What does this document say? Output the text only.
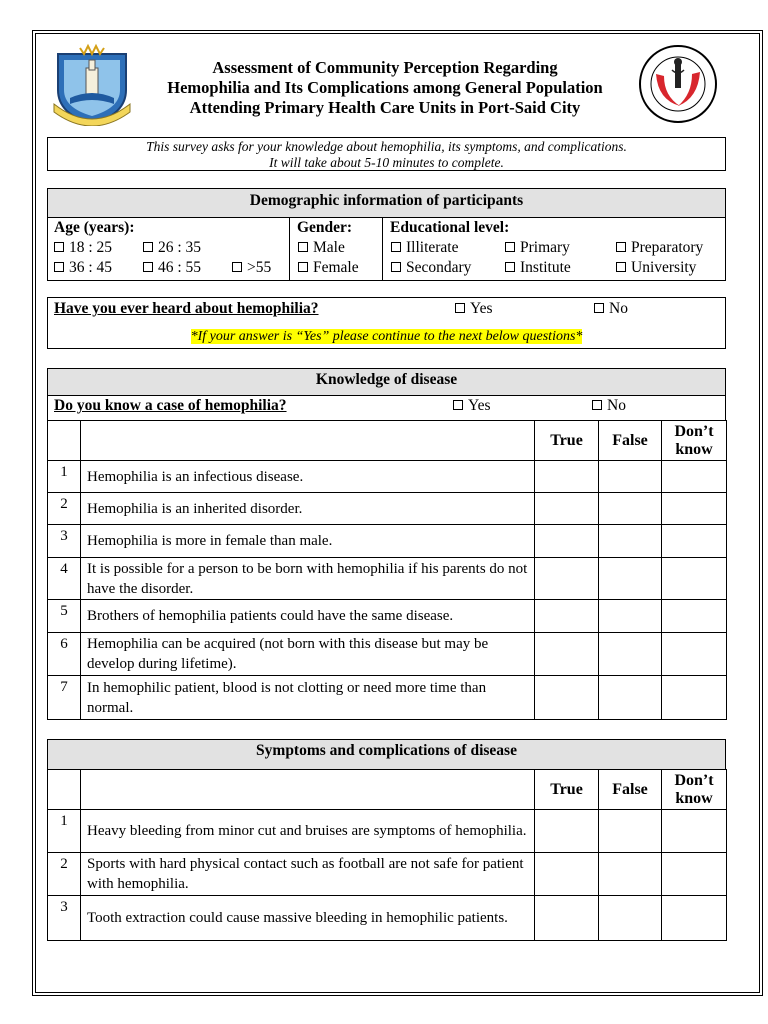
Assessment of Community Perception Regarding
Hemophilia and Its Complications among General Population
Attending Primary Health Care Units in Port-Said City
This survey asks for your knowledge about hemophilia, its symptoms, and complications.
It will take about 5-10 minutes to complete.
Demographic information of participants
Age (years):
18 : 25	26 : 35
36 : 45	46 : 55	>55
Gender:
Male
Female
Educational level:
Illiterate	Primary	Preparatory
Secondary	Institute	University
Have you ever heard about hemophilia?	Yes	No
*If your answer is “Yes” please continue to the next below questions*
Knowledge of disease
Do you know a case of hemophilia?	Yes	No
		True	False	Don’t
know

1	Hemophilia is an infectious disease.			
2	Hemophilia is an inherited disorder.			
3	Hemophilia is more in female than male.			
4	It is possible for a person to be born with hemophilia if his parents do not have the disorder.			
5	Brothers of hemophilia patients could have the same disease.			
6	Hemophilia can be acquired (not born with this disease but may be develop during lifetime).			
7	In hemophilic patient, blood is not clotting or need more time than normal.			
Symptoms and complications of disease
		True	False	Don’t
know

1	Heavy bleeding from minor cut and bruises are symptoms of hemophilia.			
2	Sports with hard physical contact such as football are not safe for patient with hemophilia.			
3	Tooth extraction could cause massive bleeding in hemophilic patients.			
